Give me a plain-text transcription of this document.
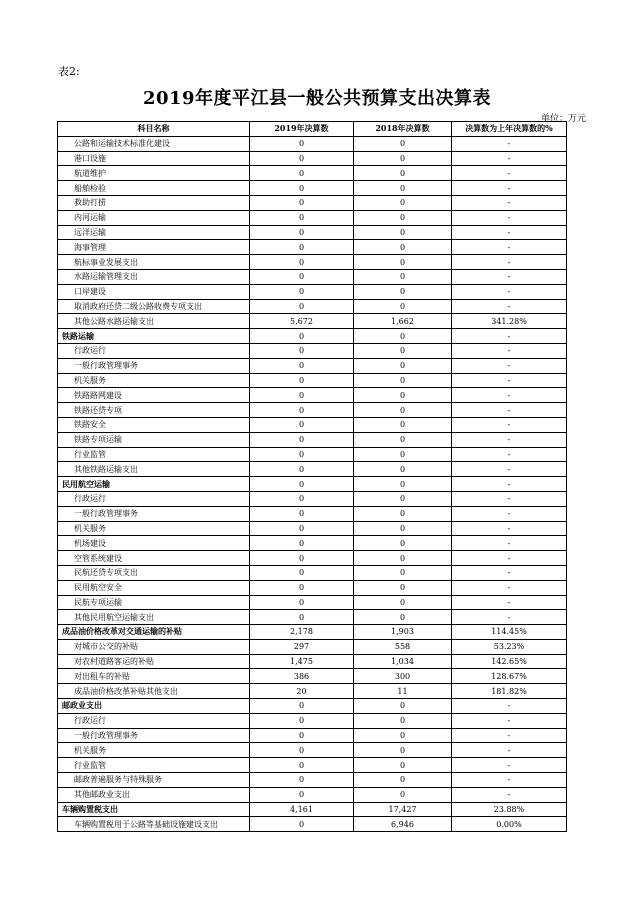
表2:
2019年度平江县一般公共预算支出决算表
单位：万元
科目名称	2019年决算数	2018年决算数	决算数为上年决算数的%
公路和运输技术标准化建设	0	0	-
港口设施	0	0	-
航道维护	0	0	-
船舶检验	0	0	-
救助打捞	0	0	-
内河运输	0	0	-
远洋运输	0	0	-
海事管理	0	0	-
航标事业发展支出	0	0	-
水路运输管理支出	0	0	-
口岸建设	0	0	-
取消政府还贷二级公路收费专项支出	0	0	-
其他公路水路运输支出	5,672	1,662	341.28%
铁路运输	0	0	-
行政运行	0	0	-
一般行政管理事务	0	0	-
机关服务	0	0	-
铁路路网建设	0	0	-
铁路还贷专项	0	0	-
铁路安全	0	0	-
铁路专项运输	0	0	-
行业监管	0	0	-
其他铁路运输支出	0	0	-
民用航空运输	0	0	-
行政运行	0	0	-
一般行政管理事务	0	0	-
机关服务	0	0	-
机场建设	0	0	-
空管系统建设	0	0	-
民航还贷专项支出	0	0	-
民用航空安全	0	0	-
民航专项运输	0	0	-
其他民用航空运输支出	0	0	-
成品油价格改革对交通运输的补贴	2,178	1,903	114.45%
对城市公交的补贴	297	558	53.23%
对农村道路客运的补贴	1,475	1,034	142.65%
对出租车的补贴	386	300	128.67%
成品油价格改革补贴其他支出	20	11	181.82%
邮政业支出	0	0	-
行政运行	0	0	-
一般行政管理事务	0	0	-
机关服务	0	0	-
行业监管	0	0	-
邮政普遍服务与特殊服务	0	0	-
其他邮政业支出	0	0	-
车辆购置税支出	4,161	17,427	23.88%
车辆购置税用于公路等基础设施建设支出	0	6,946	0.00%
